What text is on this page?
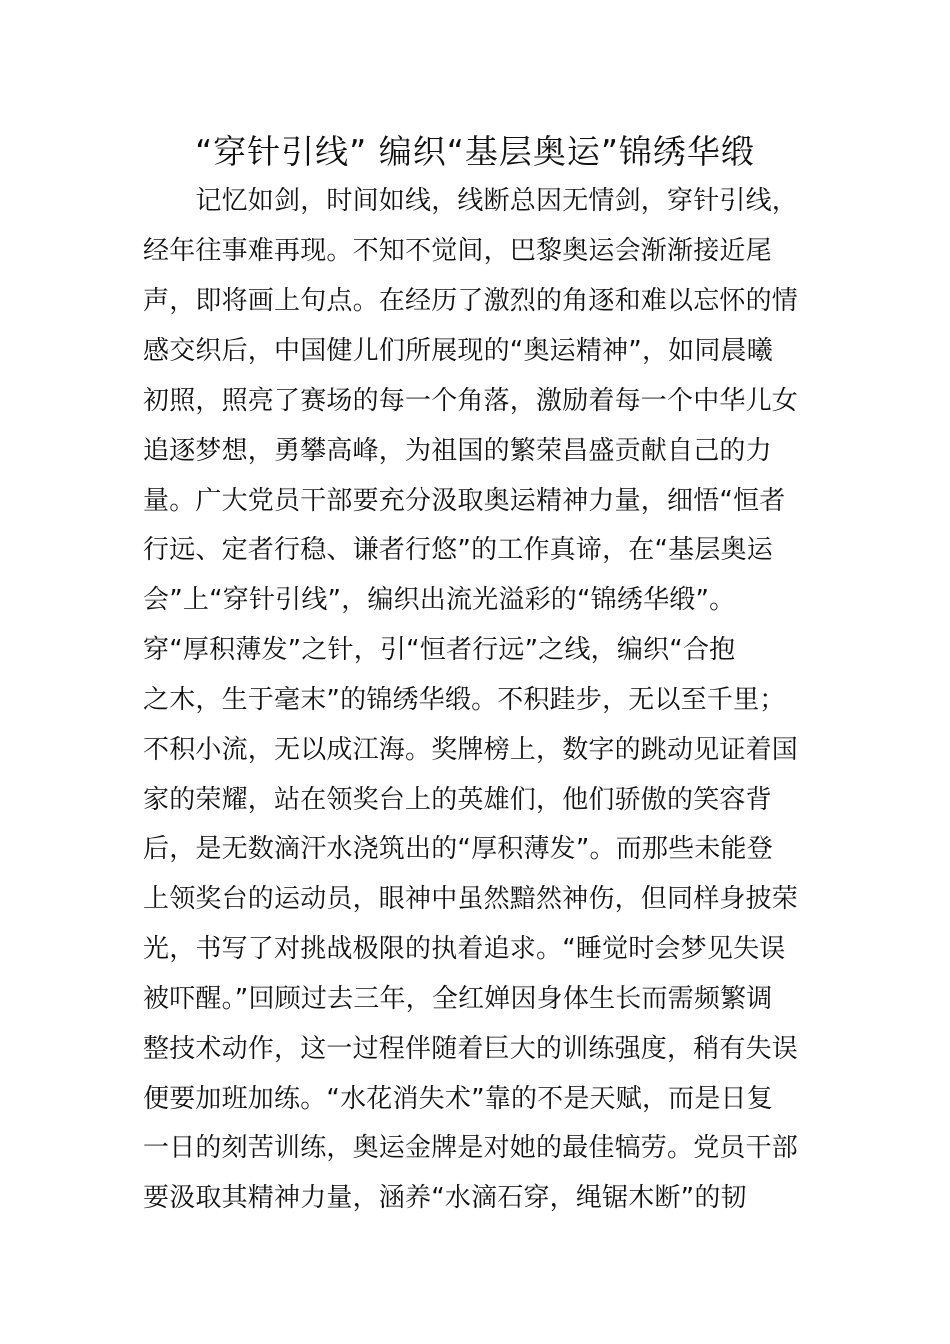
“穿针引线” 编织“基层奥运”锦绣华缎

　　记忆如剑，时间如线，线断总因无情剑，穿针引线，

经年往事难再现。不知不觉间，巴黎奥运会渐渐接近尾

声，即将画上句点。在经历了激烈的角逐和难以忘怀的情

感交织后，中国健儿们所展现的“奥运精神”，如同晨曦

初照，照亮了赛场的每一个角落，激励着每一个中华儿女

追逐梦想，勇攀高峰，为祖国的繁荣昌盛贡献自己的力

量。广大党员干部要充分汲取奥运精神力量，细悟“恒者

行远、定者行稳、谦者行悠”的工作真谛，在“基层奥运

会”上“穿针引线”，编织出流光溢彩的“锦绣华缎”。

穿“厚积薄发”之针，引“恒者行远”之线，编织“合抱

之木，生于毫末”的锦绣华缎。不积跬步，无以至千里；

不积小流，无以成江海。奖牌榜上，数字的跳动见证着国

家的荣耀，站在领奖台上的英雄们，他们骄傲的笑容背

后，是无数滴汗水浇筑出的“厚积薄发”。而那些未能登

上领奖台的运动员，眼神中虽然黯然神伤，但同样身披荣

光，书写了对挑战极限的执着追求。“睡觉时会梦见失误

被吓醒。”回顾过去三年，全红婵因身体生长而需频繁调

整技术动作，这一过程伴随着巨大的训练强度，稍有失误

便要加班加练。“水花消失术”靠的不是天赋，而是日复

一日的刻苦训练，奥运金牌是对她的最佳犒劳。党员干部

要汲取其精神力量，涵养“水滴石穿，绳锯木断”的韧
